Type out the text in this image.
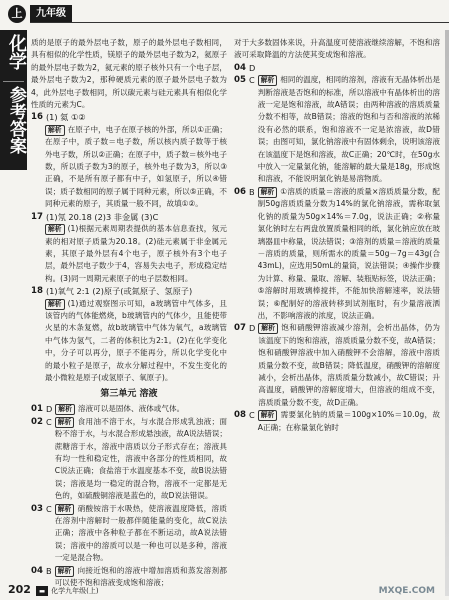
上	九年级
化学
参考答案

质的是原子的最外层电子数，原子的最外层电子数相同，具有相似的化学性质，镁原子的最外层电子数为2，氦原子的最外层电子数为2，氦元素的原子核外只有一个电子层，最外层电子数为2，那种硬质元素的原子最外层电子数为4，此外层电子数相同，所以碳元素与硅元素具有相似化学性质的元素为C。

16 (1) 氦 ①②

解析 在原子中，电子在原子核的外部，所以①正确；在原子中，质子数＝电子数，所以核内质子数等于核外电子数，所以②正确；在原子中，质子数＝核外电子数，所以质子数为3的原子，核外电子数为3，所以③正确，不是所有原子都有中子，如氢原子，所以④错误；质子数相同的原子属于同种元素，所以⑤正确，不同种元素的原子，其质量一般不同，故填①②。

17 (1)氖 20.18 (2)3 非金属 (3)C

解析 (1)根据元素周期表提供的基本信息查找，氖元素的相对原子质量为20.18。(2)硅元素属于非金属元素，其原子最外层有4个电子，原子核外有3个电子层，最外层电子数少于4，容易失去电子，形成稳定结构。(3)同一周期元素原子的电子层数相同。

18 (1)氧气 2:1 (2)原子(或氮原子、氢原子)

解析 (1)通过观察图示可知，a玻璃管中气体多，且该管内的气体能燃烧，b玻璃管内的气体少，且能使带火星的木条复燃，故b玻璃管中气体为氧气，a玻璃管中气体为氢气，二者的体积比为2:1。(2)在化学变化中，分子可以再分，原子不能再分，所以化学变化中的最小粒子是原子，故水分解过程中，不发生变化的最小微粒是原子(或氢原子、氧原子)。

第三单元 溶液
01 D 解析 溶液可以是固体、液体或气体。
02 C 解析 食用油不溶于水，与水混合形成乳浊液；面粉不溶于水，与水混合形成悬浊液，故A说法错误；蔗糖溶于水，溶液中溶质以分子形式存在；溶液具有均一性和稳定性，溶液中各部分的性质相同，故C说法正确；食盐溶于水温度基本不变，故B说法错误；溶液是均一稳定的混合物，溶液不一定都是无色的，如硫酸铜溶液是蓝色的，故D说法错误。
03 C 解析 硝酸铵溶于水吸热，使溶液温度降低，溶质在溶剂中溶解时一般都伴随能量的变化，故C说法正确；溶液中各种粒子都在不断运动，故A说法错误；溶液中的溶质可以是一种也可以是多种，溶液一定是混合物。
04 B 解析 向接近饱和的溶液中增加溶质和蒸发溶剂都可以使不饱和溶液变成饱和溶液；

对于大多数固体来说，升高温度可使溶液继续溶解，不饱和溶液可采取降温的方法使其变成饱和溶液。

04 D
05 C 解析 相同的温度，相同的溶剂，溶液有无晶体析出是判断溶液是否饱和的标准，所以溶液中有晶体析出的溶液一定是饱和溶液，故A错误；由两种溶液的溶质质量分数不相等，故B错误；溶液的饱和与否和溶液的浓稀没有必然的联系，饱和溶液不一定是浓溶液，故D错误；由图可知，氯化钠溶液中有固体剩余，说明该溶液在该温度下是饱和溶液，故C正确；20℃时，在50g水中放入一定量氯化钠，能溶解的最大量是18g，形成饱和溶液，不能说明氯化钠是易溶物质。
06 B 解析 ①溶质的质量＝溶液的质量×溶质质量分数，配制50g溶质质量分数为14%的氯化钠溶液，需称取氯化钠的质量为50g×14%＝7.0g，说法正确；②称量氯化钠时左右两盘放置质量相同的纸，氯化钠应放在玻璃器皿中称量，说法错误；③溶剂的质量＝溶液的质量－溶质的质量，则所需水的质量＝50g－7g＝43g(合43mL)，应选用50mL的量筒，说法错误；④操作步骤为计算、称量、量取、溶解、装瓶贴标签，说法正确；⑤溶解时用玻璃棒搅拌，不能加快溶解速率，说法错误；⑥配制好的溶液转移到试剂瓶时，有少量溶液洒出，不影响溶液的浓度，说法正确。
07 D 解析 饱和硝酸钾溶液减少溶剂，会析出晶体，仍为该温度下的饱和溶液，溶质质量分数不变，故A错误；饱和硝酸钾溶液中加入硝酸钾不会溶解，溶液中溶质质量分数不变，故B错误；降低温度，硝酸钾的溶解度减小，会析出晶体，溶质质量分数减小，故C错误；升高温度，硝酸钾的溶解度增大，但溶液的组成不变，溶质质量分数不变，故D正确。
08 C 解析 需要氯化钠的质量＝100g×10%＝10.0g，故A正确；在称量氯化钠时
202 ▬ 化学九年级(上)	MXQE.COM
